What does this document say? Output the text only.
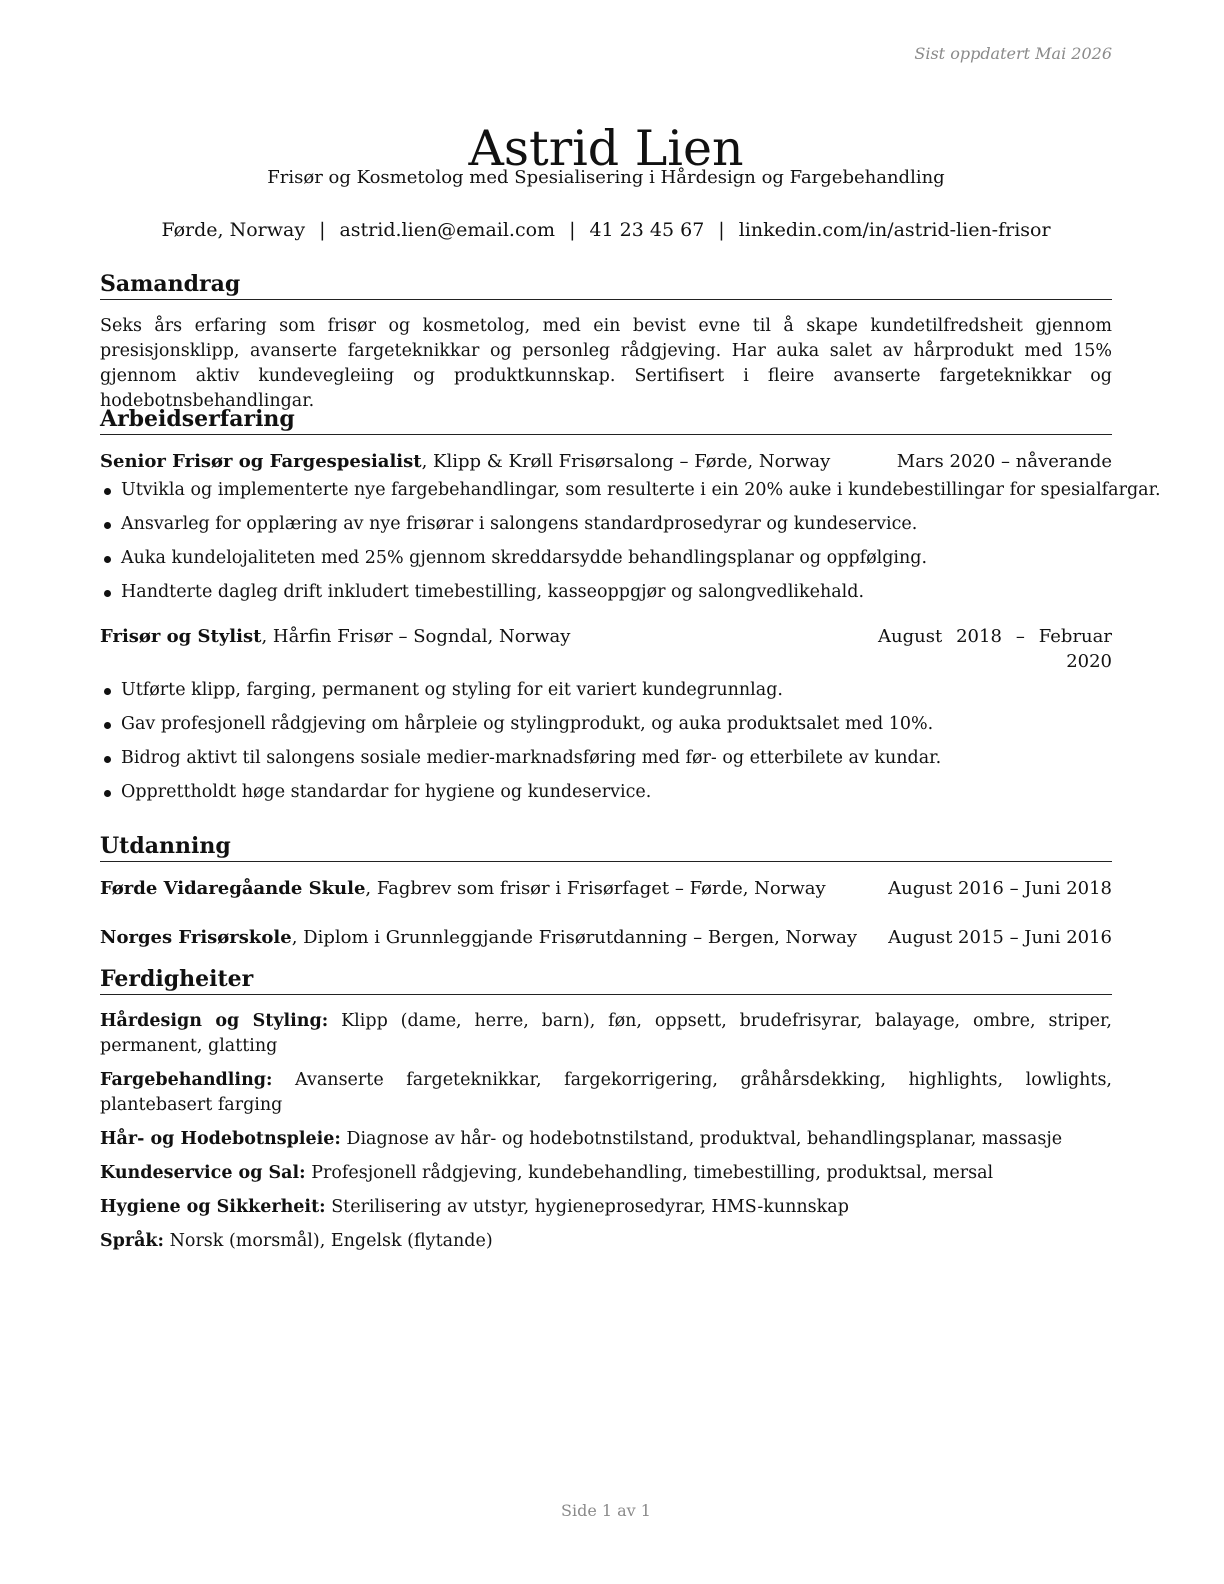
Sist oppdatert Mai 2026
Astrid Lien
Frisør og Kosmetolog med Spesialisering i Hårdesign og Fargebehandling
Førde, Norway | astrid.lien@email.com | 41 23 45 67 | linkedin.com/in/astrid-lien-frisor
Samandrag
Seks års erfaring som frisør og kosmetolog, med ein bevist evne til å skape kundetilfredsheit gjennom presisjonsklipp, avanserte fargeteknikkar og personleg rådgjeving. Har auka salet av hårprodukt med 15% gjennom aktiv kundevegleiing og produktkunnskap. Sertifisert i fleire avanserte fargeteknikkar og hodebotnsbehandlingar.
Arbeidserfaring
Senior Frisør og Fargespesialist, Klipp & Krøll Frisørsalong – Førde, Norway	Mars 2020 – nåverande
Utvikla og implementerte nye fargebehandlingar, som resulterte i ein 20% auke i kundebestillingar for spesialfargar.
Ansvarleg for opplæring av nye frisørar i salongens standardprosedyrar og kundeservice.
Auka kundelojaliteten med 25% gjennom skreddarsydde behandlingsplanar og oppfølging.
Handterte dagleg drift inkludert timebestilling, kasseoppgjør og salongvedlikehald.
Frisør og Stylist, Hårfin Frisør – Sogndal, Norway	August 2018 – Februar 2020
Utførte klipp, farging, permanent og styling for eit variert kundegrunnlag.
Gav profesjonell rådgjeving om hårpleie og stylingprodukt, og auka produktsalet med 10%.
Bidrog aktivt til salongens sosiale medier-marknadsføring med før- og etterbilete av kundar.
Opprettholdt høge standardar for hygiene og kundeservice.
Utdanning
Førde Vidaregåande Skule, Fagbrev som frisør i Frisørfaget – Førde, Norway	August 2016 – Juni 2018
Norges Frisørskole, Diplom i Grunnleggjande Frisørutdanning – Bergen, Norway August 2015 – Juni 2016
Ferdigheiter
Hårdesign og Styling: Klipp (dame, herre, barn), føn, oppsett, brudefrisyrar, balayage, ombre, striper, permanent, glatting
Fargebehandling: Avanserte fargeteknikkar, fargekorrigering, gråhårsdekking, highlights, lowlights, plantebasert farging
Hår- og Hodebotnspleie: Diagnose av hår- og hodebotnstilstand, produktval, behandlingsplanar, massasje
Kundeservice og Sal: Profesjonell rådgjeving, kundebehandling, timebestilling, produktsal, mersal
Hygiene og Sikkerheit: Sterilisering av utstyr, hygieneprosedyrar, HMS-kunnskap
Språk: Norsk (morsmål), Engelsk (flytande)
Side 1 av 1
